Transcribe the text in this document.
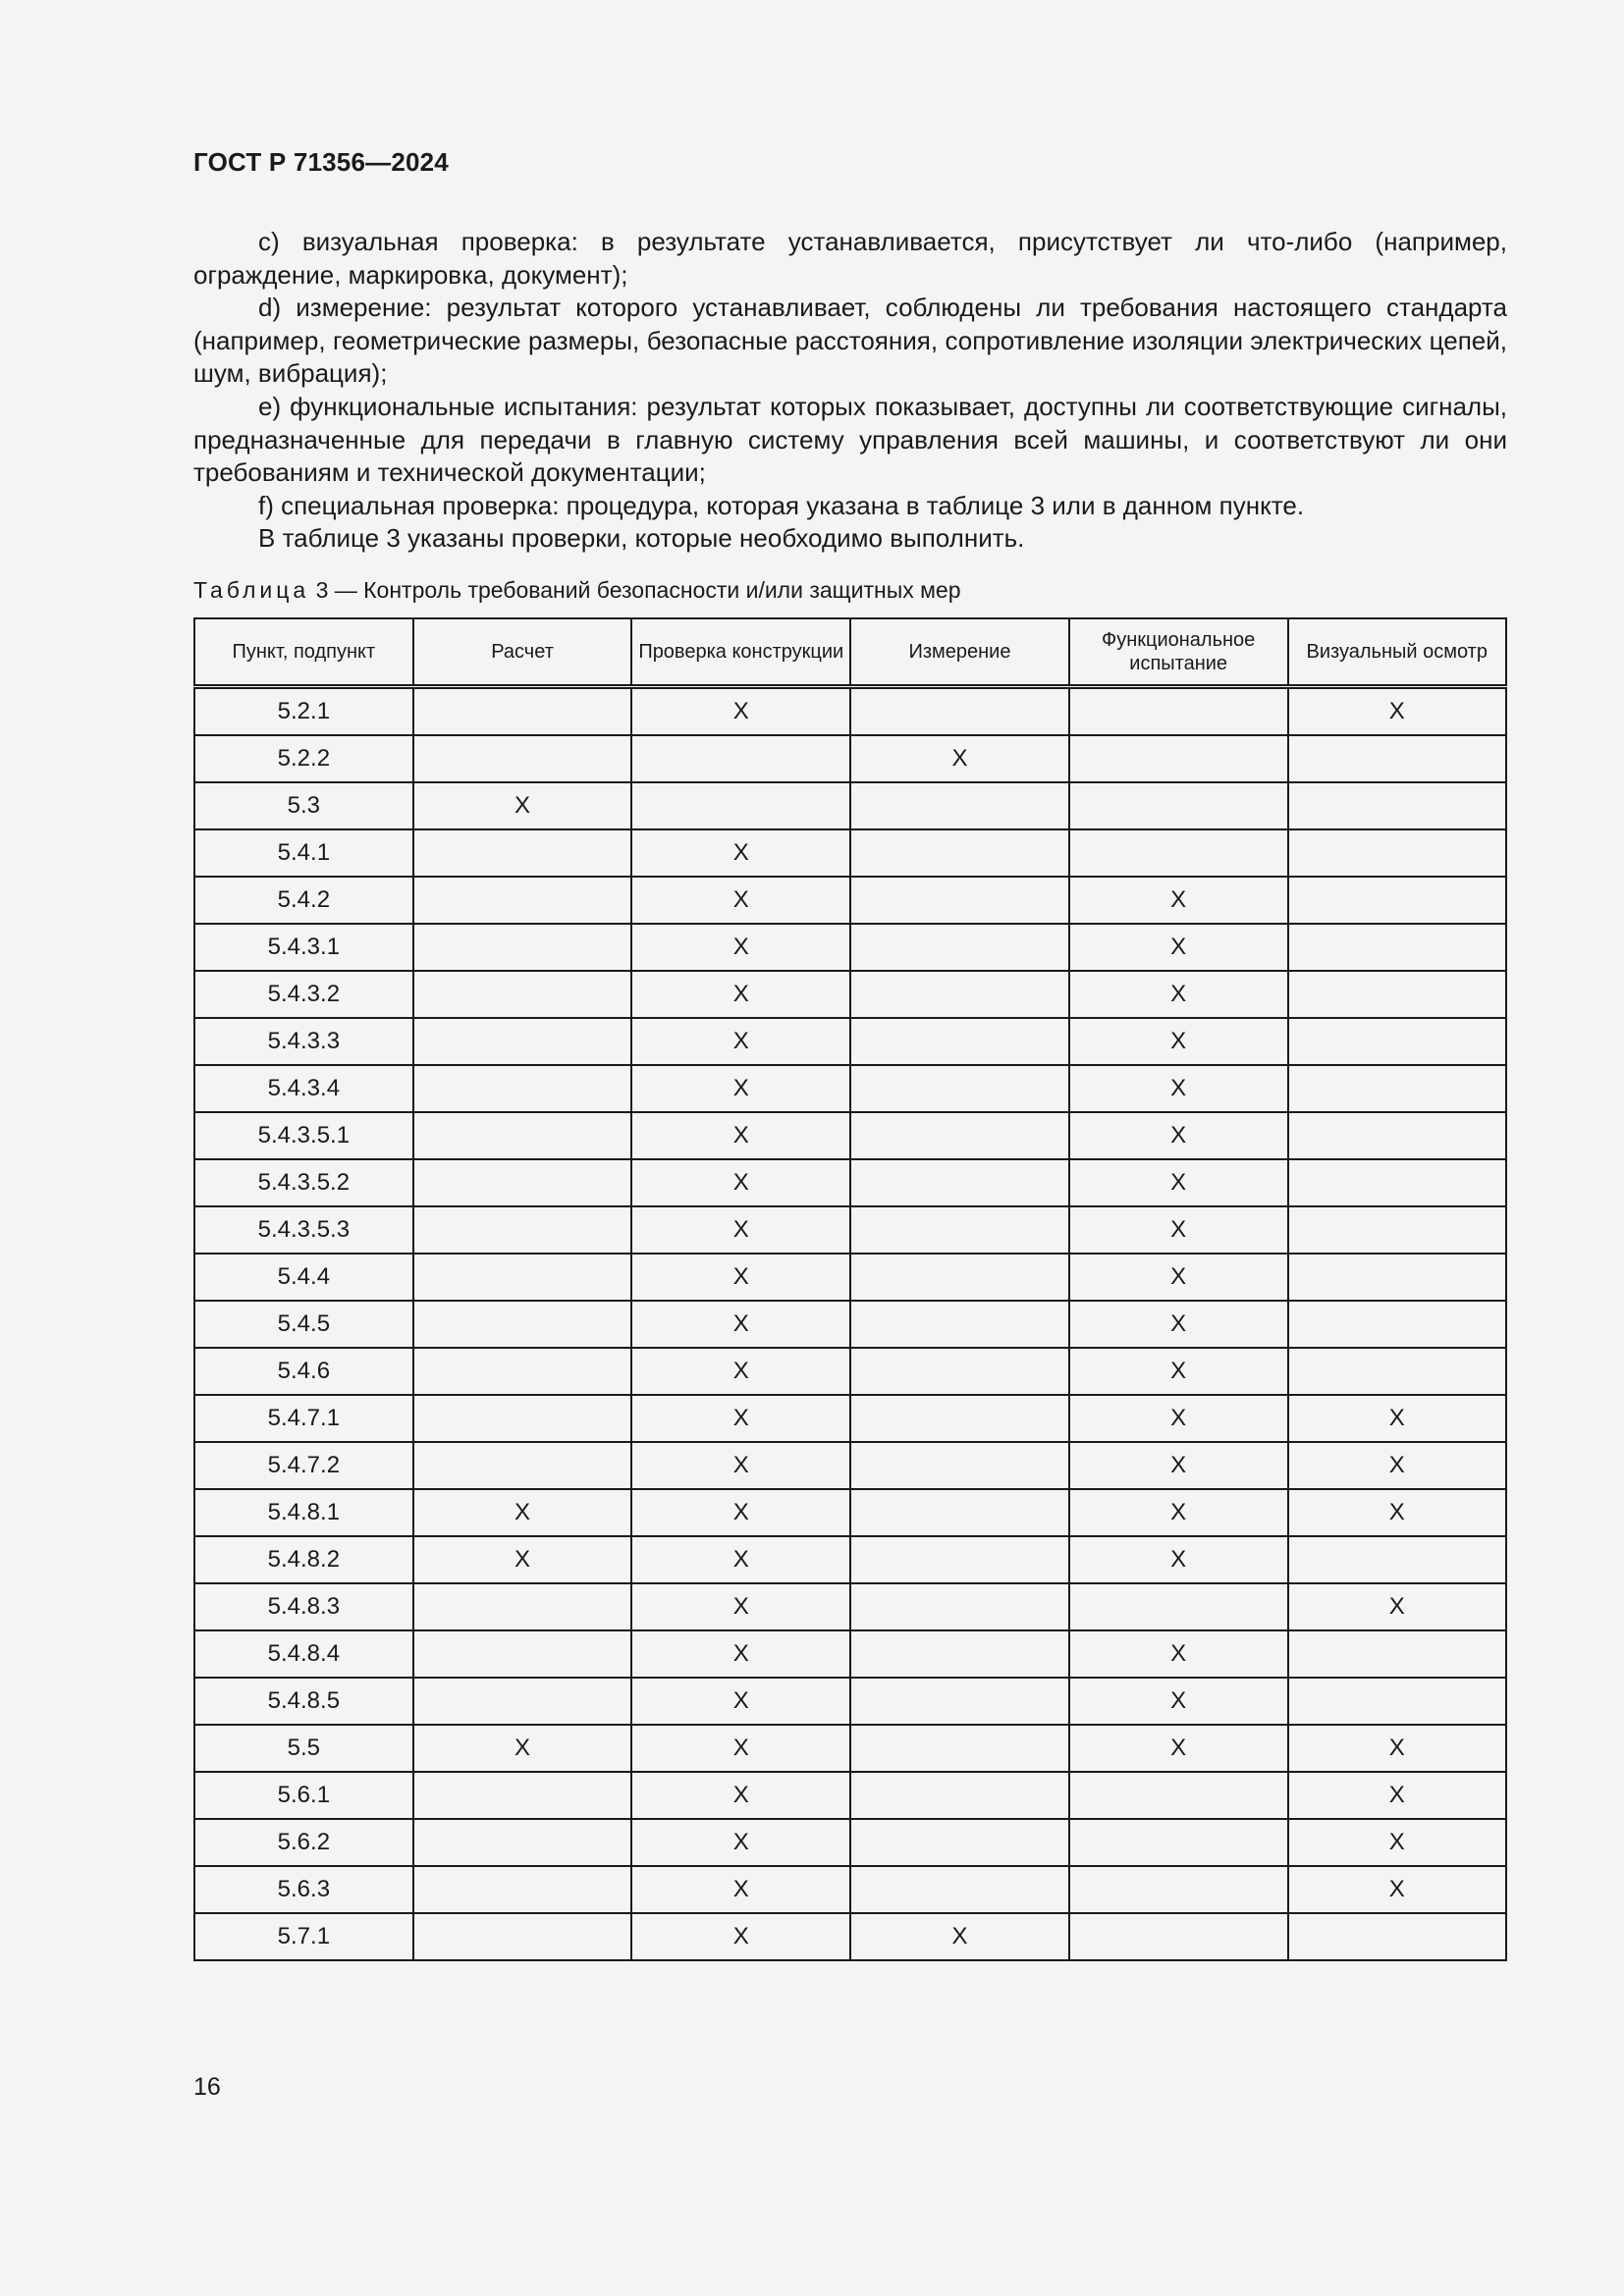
ГОСТ Р 71356—2024

c) визуальная проверка: в результате устанавливается, присутствует ли что-либо (например, ограждение, маркировка, документ);

d) измерение: результат которого устанавливает, соблюдены ли требования настоящего стандарта (например, геометрические размеры, безопасные расстояния, сопротивление изоляции электрических цепей, шум, вибрация);

e) функциональные испытания: результат которых показывает, доступны ли соответствующие сигналы, предназначенные для передачи в главную систему управления всей машины, и соответствуют ли они требованиям и технической документации;

f) специальная проверка: процедура, которая указана в таблице 3 или в данном пункте.

В таблице 3 указаны проверки, которые необходимо выполнить.

Таблица 3 — Контроль требований безопасности и/или защитных мер
Пункт, подпункт	Расчет	Проверка конструкции	Измерение	Функциональное испытание	Визуальный осмотр
5.2.1		X			X
5.2.2			X		
5.3	X				
5.4.1		X			
5.4.2		X		X	
5.4.3.1		X		X	
5.4.3.2		X		X	
5.4.3.3		X		X	
5.4.3.4		X		X	
5.4.3.5.1		X		X	
5.4.3.5.2		X		X	
5.4.3.5.3		X		X	
5.4.4		X		X	
5.4.5		X		X	
5.4.6		X		X	
5.4.7.1		X		X	X
5.4.7.2		X		X	X
5.4.8.1	X	X		X	X
5.4.8.2	X	X		X	
5.4.8.3		X			X
5.4.8.4		X		X	
5.4.8.5		X		X	
5.5	X	X		X	X
5.6.1		X			X
5.6.2		X			X
5.6.3		X			X
5.7.1		X	X		
16
